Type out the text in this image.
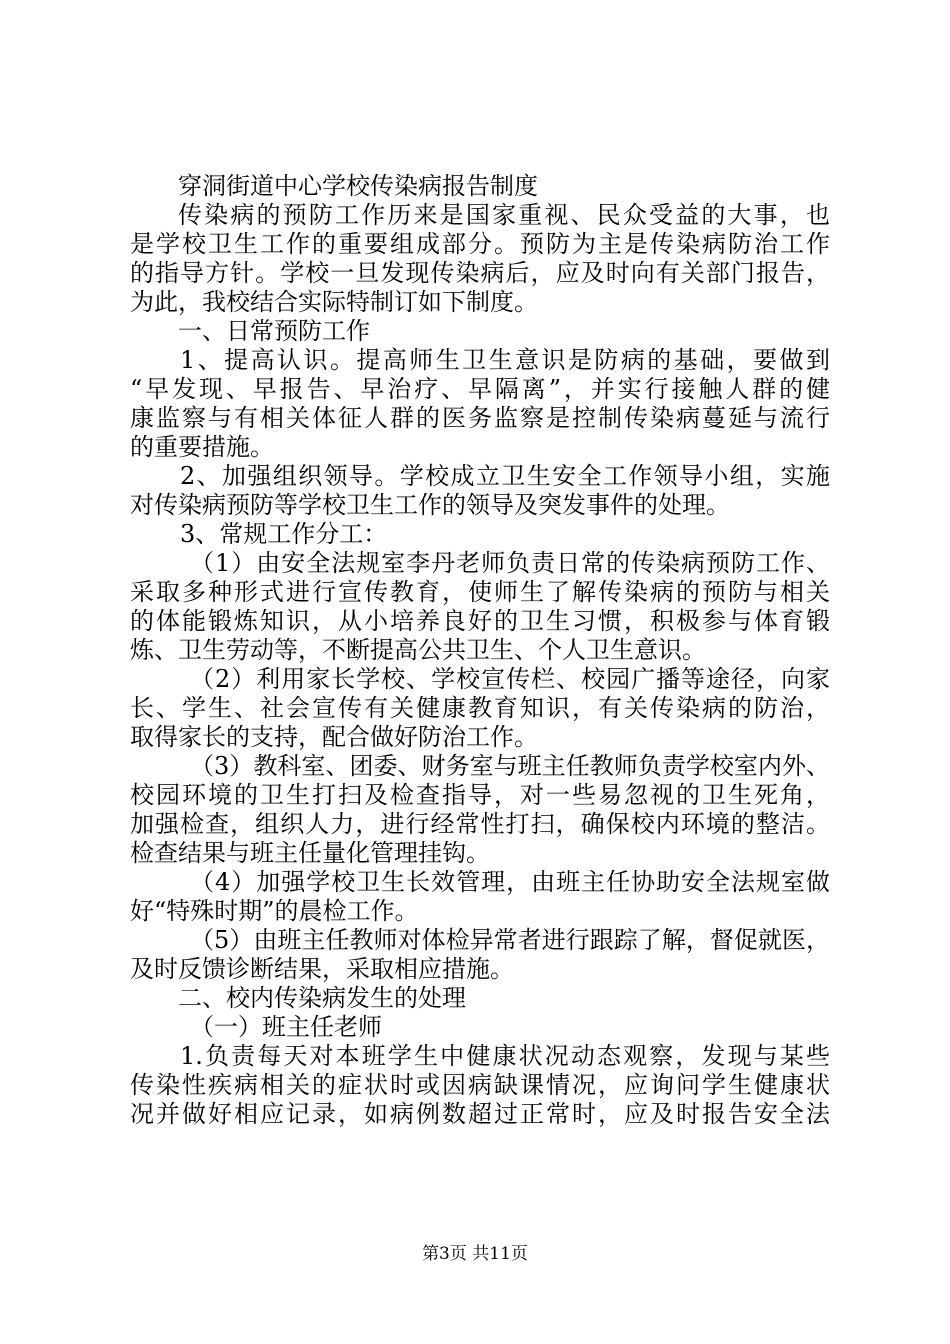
穿洞街道中心学校传染病报告制度
传染病的预防工作历来是国家重视、民众受益的大事，也
是学校卫生工作的重要组成部分。预防为主是传染病防治工作
的指导方针。学校一旦发现传染病后，应及时向有关部门报告，
为此，我校结合实际特制订如下制度。
一、日常预防工作
1、提高认识。提高师生卫生意识是防病的基础，要做到
“早发现、早报告、早治疗、早隔离”，并实行接触人群的健
康监察与有相关体征人群的医务监察是控制传染病蔓延与流行
的重要措施。
2、加强组织领导。学校成立卫生安全工作领导小组，实施
对传染病预防等学校卫生工作的领导及突发事件的处理。
3、常规工作分工：
（1）由安全法规室李丹老师负责日常的传染病预防工作、
采取多种形式进行宣传教育，使师生了解传染病的预防与相关
的体能锻炼知识，从小培养良好的卫生习惯，积极参与体育锻
炼、卫生劳动等，不断提高公共卫生、个人卫生意识。
（2）利用家长学校、学校宣传栏、校园广播等途径，向家
长、学生、社会宣传有关健康教育知识，有关传染病的防治，
取得家长的支持，配合做好防治工作。
（3）教科室、团委、财务室与班主任教师负责学校室内外、
校园环境的卫生打扫及检查指导，对一些易忽视的卫生死角，
加强检查，组织人力，进行经常性打扫，确保校内环境的整洁。
检查结果与班主任量化管理挂钩。
（4）加强学校卫生长效管理，由班主任协助安全法规室做
好“特殊时期”的晨检工作。
（5）由班主任教师对体检异常者进行跟踪了解，督促就医，
及时反馈诊断结果，采取相应措施。
二、校内传染病发生的处理
（一）班主任老师
1.负责每天对本班学生中健康状况动态观察，发现与某些
传染性疾病相关的症状时或因病缺课情况，应询问学生健康状
况并做好相应记录，如病例数超过正常时，应及时报告安全法
第3页 共11页
